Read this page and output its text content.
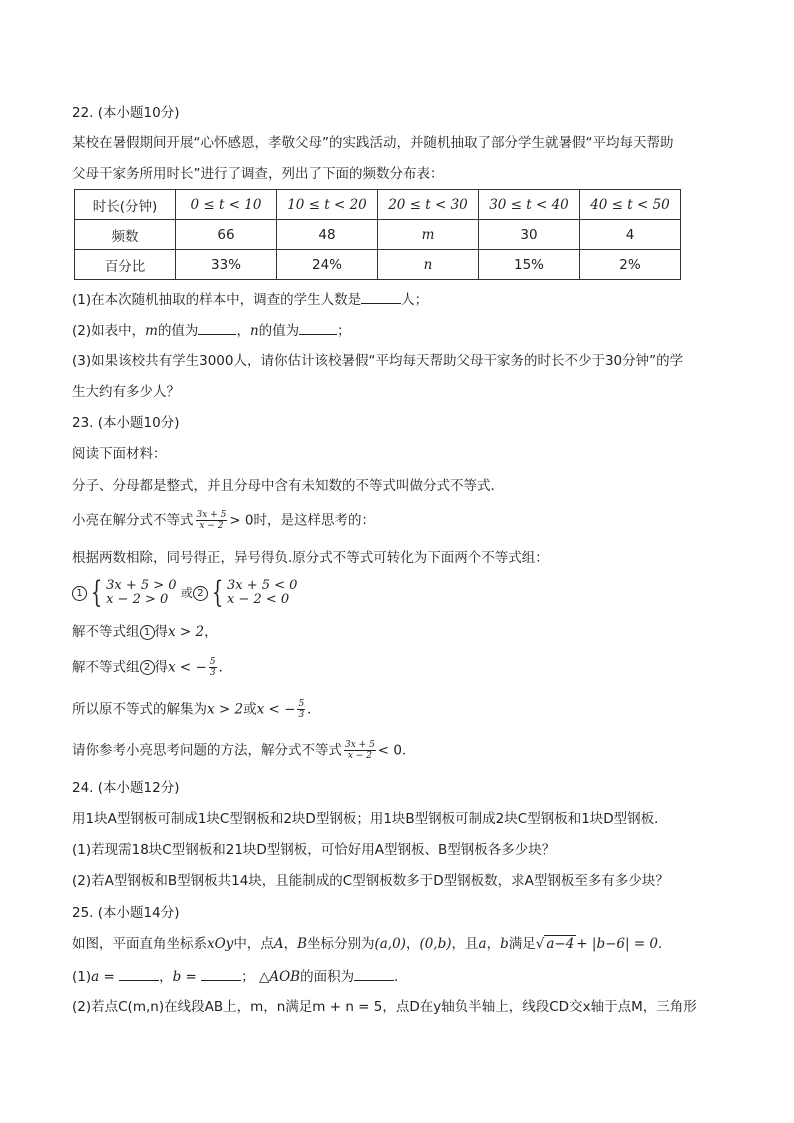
22. (本小题10分)
某校在暑假期间开展“心怀感恩，孝敬父母”的实践活动，并随机抽取了部分学生就暑假“平均每天帮助
父母干家务所用时长”进行了调查，列出了下面的频数分布表：
时长(分钟)	0 ≤ t < 10	10 ≤ t < 20	20 ≤ t < 30	30 ≤ t < 40	40 ≤ t < 50
频数	66	48	m	30	4
百分比	33%	24%	n	15%	2%
(1)在本次随机抽取的样本中，调查的学生人数是	人；
(2)如表中，m的值为	，n的值为	；
(3)如果该校共有学生3000人，请你估计该校暑假“平均每天帮助父母干家务的时长不少于30分钟”的学
生大约有多少人？
23. (本小题10分)
阅读下面材料：
分子、分母都是整式，并且分母中含有未知数的不等式叫做分式不等式．
小亮在解分式不等式 $\frac{3x + 5}{x - 2} > 0$时，是这样思考的：
根据两数相除，同号得正，异号得负.原分式不等式可转化为下面两个不等式组：
1 { 3x + 5 > 0
x − 2 > 0	或 2 { 3x + 5 < 0
x − 2 < 0
解不等式组 1 得x > 2，
解不等式组 2 得x < − $\frac{5}{3}$ ．
所以原不等式的解集为x > 2或x < − $\frac{5}{3}$ ．
请你参考小亮思考问题的方法，解分式不等式 $\frac{3x + 5}{x - 2} < 0$．
24. (本小题12分)
用1块A型钢板可制成1块C型钢板和2块D型钢板；用1块B型钢板可制成2块C型钢板和1块D型钢板．
(1)若现需18块C型钢板和21块D型钢板，可恰好用A型钢板、B型钢板各多少块？
(2)若A型钢板和B型钢板共14块，且能制成的C型钢板数多于D型钢板数，求A型钢板至多有多少块？
25. (本小题14分)
如图，平面直角坐标系xOy中，点A，B坐标分别为(a,0)，(0,b)，且a，b满足√ a−4 + |b−6| = 0．
(1)a =	，b =	； △AOB的面积为	．
(2)若点C(m,n)在线段AB上，m，n满足m + n = 5，点D在y轴负半轴上，线段CD交x轴于点M，三角形
